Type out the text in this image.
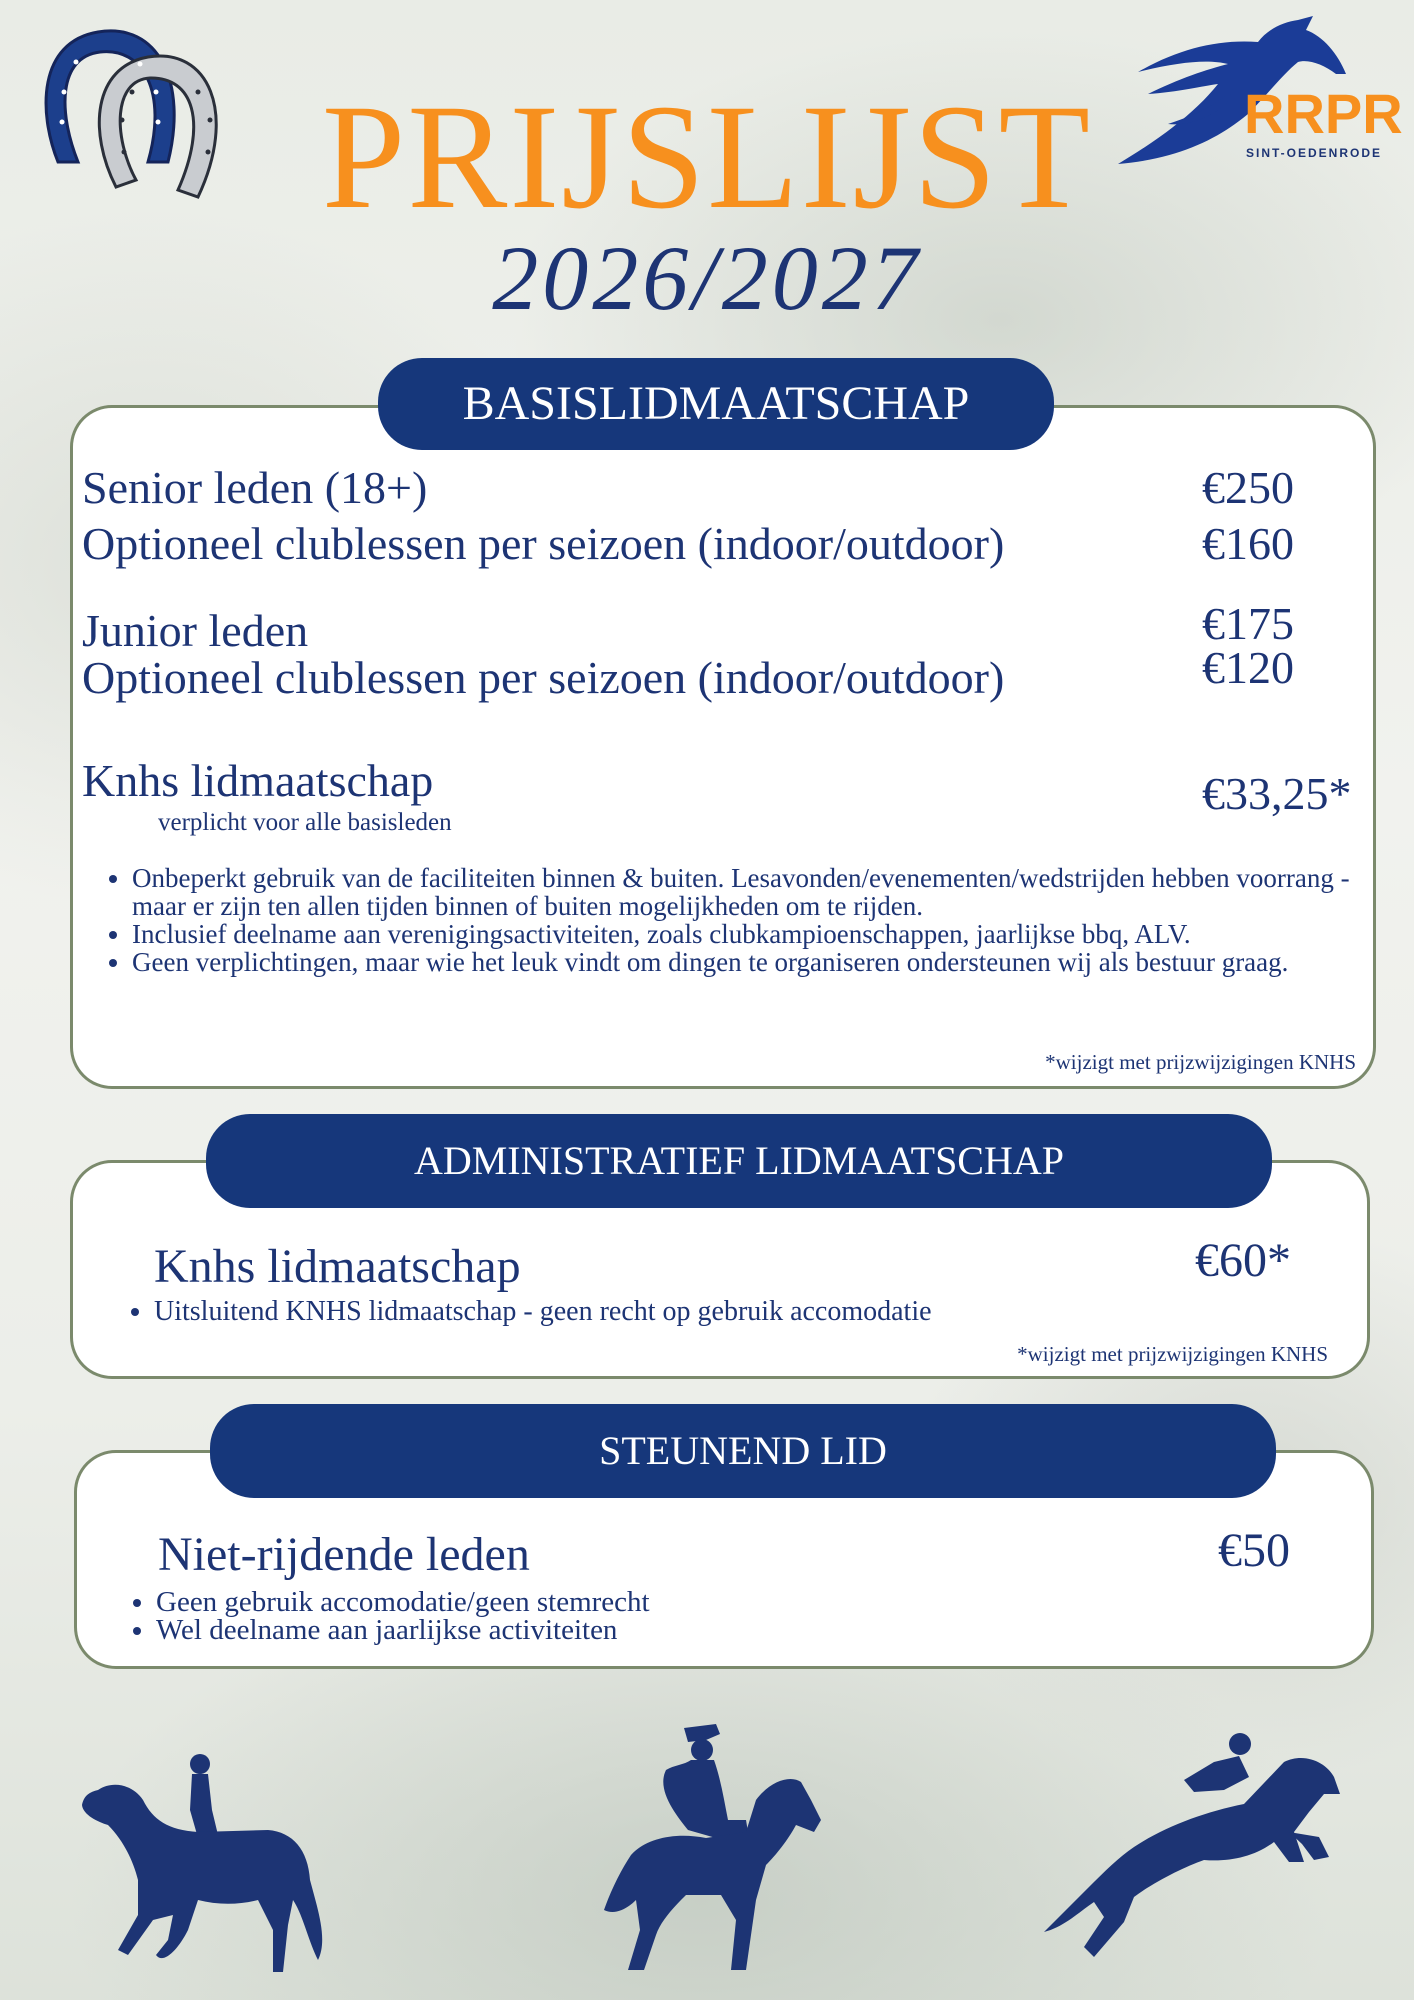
RRPR
SINT-OEDENRODE
PRIJSLIJST
2026/2027
BASISLIDMAATSCHAP
Senior leden (18+)	€250
Optioneel clublessen per seizoen (indoor/outdoor)	€160
Junior leden	€175
Optioneel clublessen per seizoen (indoor/outdoor)	€120
Knhs lidmaatschap	€33,25*
verplicht voor alle basisleden
• Onbeperkt gebruik van de faciliteiten binnen & buiten. Lesavonden/evenementen/wedstrijden hebben voorrang - maar er zijn ten allen tijden binnen of buiten mogelijkheden om te rijden.
• Inclusief deelname aan verenigingsactiviteiten, zoals clubkampioenschappen, jaarlijkse bbq, ALV.
• Geen verplichtingen, maar wie het leuk vindt om dingen te organiseren ondersteunen wij als bestuur graag.
*wijzigt met prijzwijzigingen KNHS
ADMINISTRATIEF LIDMAATSCHAP
Knhs lidmaatschap	€60*
• Uitsluitend KNHS lidmaatschap - geen recht op gebruik accomodatie
*wijzigt met prijzwijzigingen KNHS
STEUNEND LID
Niet-rijdende leden	€50
• Geen gebruik accomodatie/geen stemrecht
• Wel deelname aan jaarlijkse activiteiten
